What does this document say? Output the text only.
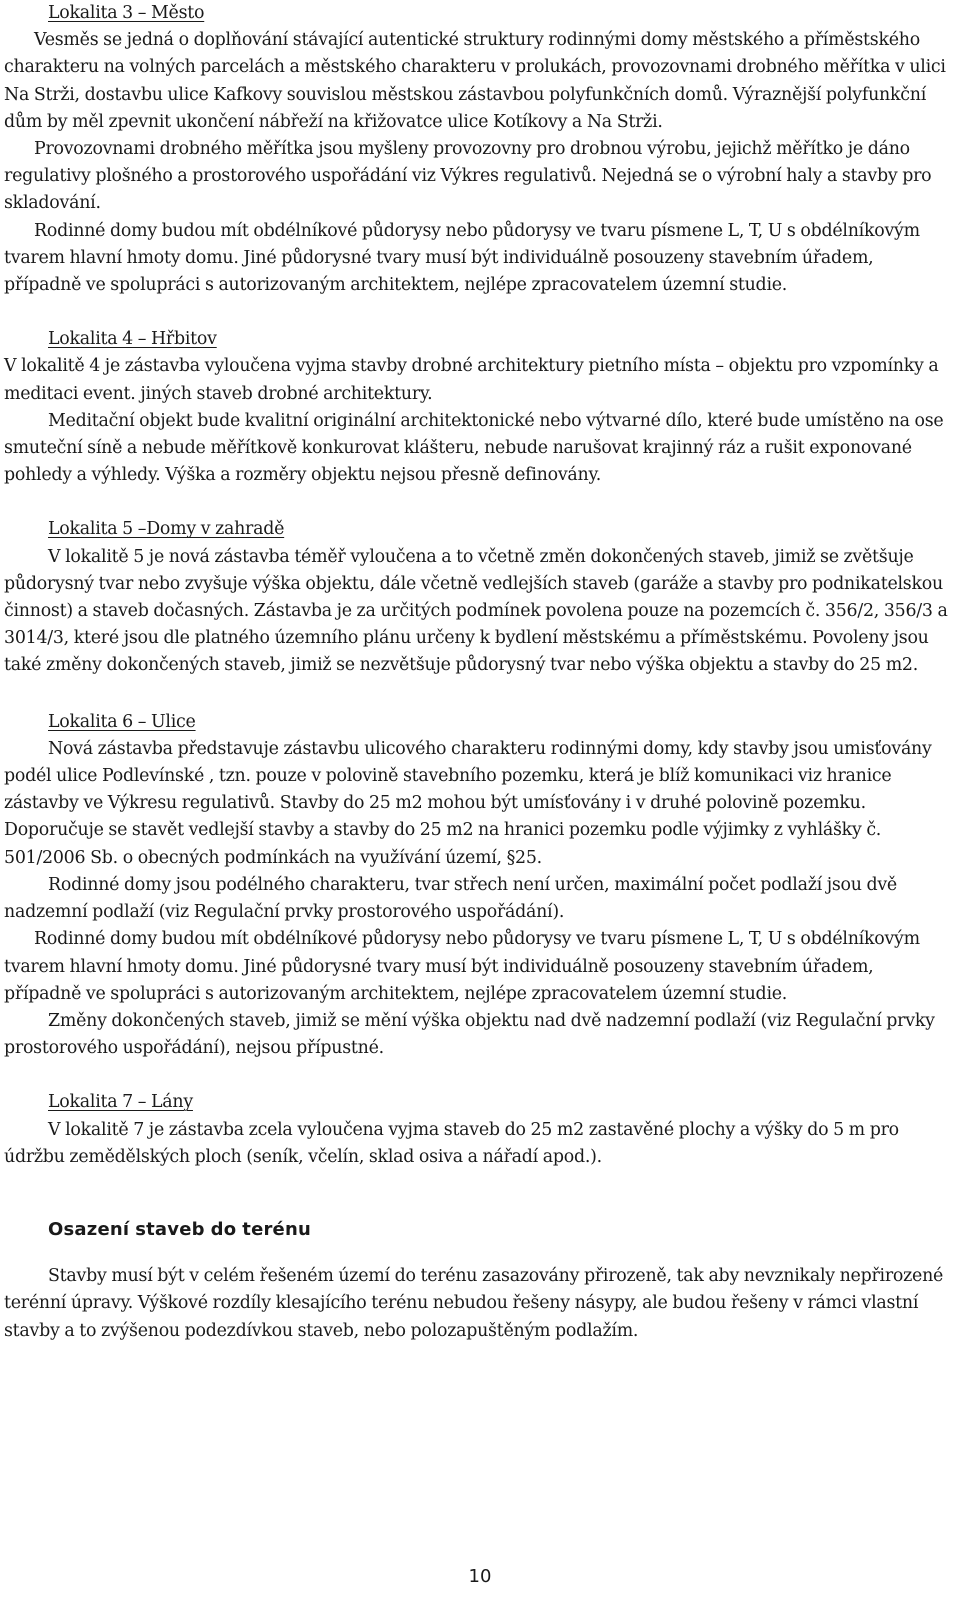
Lokalita 3 – Město

Vesměs se jedná o doplňování stávající autentické struktury rodinnými domy městského a příměstského charakteru na volných parcelách a městského charakteru v prolukách, provozovnami drobného měřítka v ulici Na Strži, dostavbu ulice Kafkovy souvislou městskou zástavbou polyfunkčních domů. Výraznější polyfunkční dům by měl zpevnit ukončení nábřeží na křižovatce ulice Kotíkovy a Na Strži.

Provozovnami drobného měřítka jsou myšleny provozovny pro drobnou výrobu, jejichž měřítko je dáno regulativy plošného a prostorového uspořádání viz Výkres regulativů. Nejedná se o výrobní haly a stavby pro skladování.

Rodinné domy budou mít obdélníkové půdorysy nebo půdorysy ve tvaru písmene L, T, U s obdélníkovým tvarem hlavní hmoty domu. Jiné půdorysné tvary musí být individuálně posouzeny stavebním úřadem, případně ve spolupráci s autorizovaným architektem, nejlépe zpracovatelem územní studie.

Lokalita 4 – Hřbitov

V lokalitě 4 je zástavba vyloučena vyjma stavby drobné architektury pietního místa – objektu pro vzpomínky a meditaci event. jiných staveb drobné architektury.

Meditační objekt bude kvalitní originální architektonické nebo výtvarné dílo, které bude umístěno na ose smuteční síně a nebude měřítkově konkurovat klášteru, nebude narušovat krajinný ráz a rušit exponované pohledy a výhledy. Výška a rozměry objektu nejsou přesně definovány.

Lokalita 5 –Domy v zahradě

V lokalitě 5 je nová zástavba téměř vyloučena a to včetně změn dokončených staveb, jimiž se zvětšuje půdorysný tvar nebo zvyšuje výška objektu, dále včetně vedlejších staveb (garáže a stavby pro podnikatelskou činnost) a staveb dočasných. Zástavba je za určitých podmínek povolena pouze na pozemcích č. 356/2, 356/3 a 3014/3, které jsou dle platného územního plánu určeny k bydlení městskému a příměstskému. Povoleny jsou také změny dokončených staveb, jimiž se nezvětšuje půdorysný tvar nebo výška objektu a stavby do 25 m2.

Lokalita 6 – Ulice

Nová zástavba představuje zástavbu ulicového charakteru rodinnými domy, kdy stavby jsou umisťovány podél ulice Podlevínské , tzn. pouze v polovině stavebního pozemku, která je blíž komunikaci viz hranice zástavby ve Výkresu regulativů. Stavby do 25 m2 mohou být umísťovány i v druhé polovině pozemku. Doporučuje se stavět vedlejší stavby a stavby do 25 m2 na hranici pozemku podle výjimky z vyhlášky č. 501/2006 Sb. o obecných podmínkách na využívání území, §25.

Rodinné domy jsou podélného charakteru, tvar střech není určen, maximální počet podlaží jsou dvě nadzemní podlaží (viz Regulační prvky prostorového uspořádání).

Rodinné domy budou mít obdélníkové půdorysy nebo půdorysy ve tvaru písmene L, T, U s obdélníkovým tvarem hlavní hmoty domu. Jiné půdorysné tvary musí být individuálně posouzeny stavebním úřadem, případně ve spolupráci s autorizovaným architektem, nejlépe zpracovatelem územní studie.

Změny dokončených staveb, jimiž se mění výška objektu nad dvě nadzemní podlaží (viz Regulační prvky prostorového uspořádání), nejsou přípustné.

Lokalita 7 – Lány

V lokalitě 7 je zástavba zcela vyloučena vyjma staveb do 25 m2 zastavěné plochy a výšky do 5 m pro údržbu zemědělských ploch (seník, včelín, sklad osiva a nářadí apod.).

Osazení staveb do terénu

Stavby musí být v celém řešeném území do terénu zasazovány přirozeně, tak aby nevznikaly nepřirozené terénní úpravy. Výškové rozdíly klesajícího terénu nebudou řešeny násypy, ale budou řešeny v rámci vlastní stavby a to zvýšenou podezdívkou staveb, nebo polozapuštěným podlažím.

10
